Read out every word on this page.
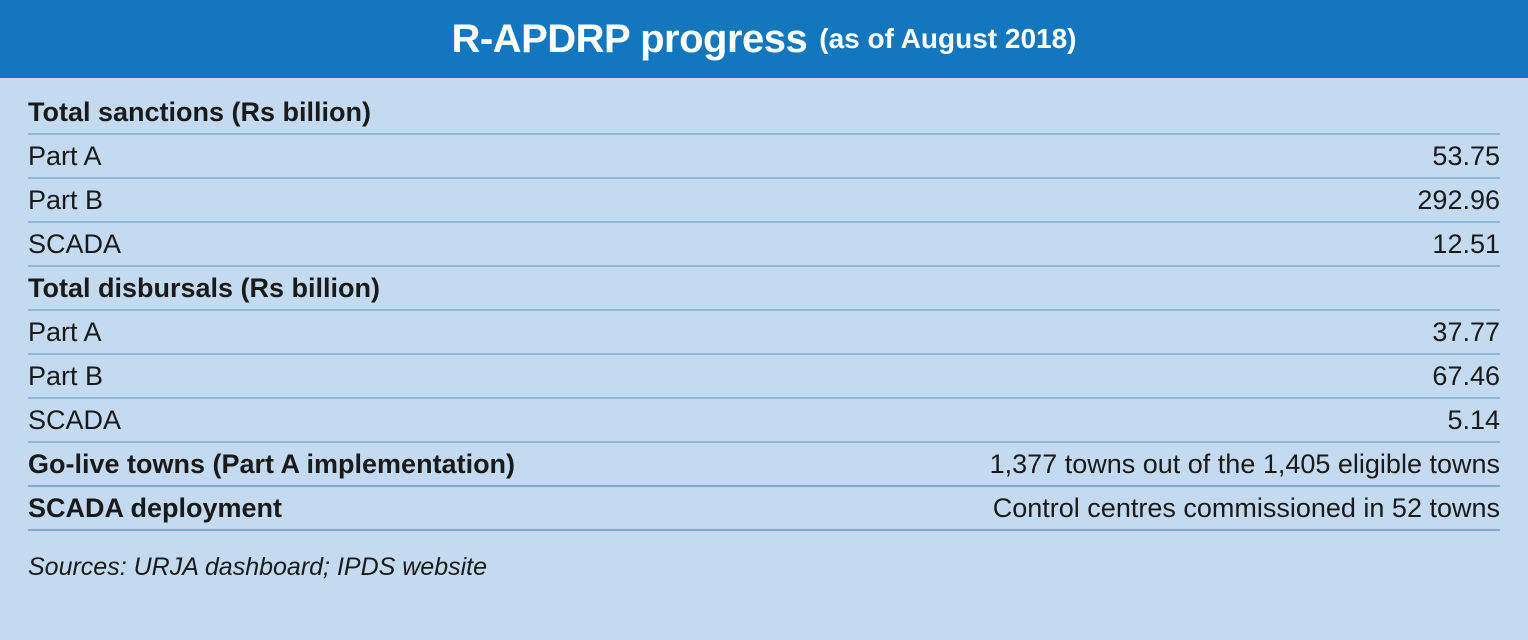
R-APDRP progress (as of August 2018)
Total sanctions (Rs billion)
Part A	53.75
Part B	292.96
SCADA	12.51
Total disbursals (Rs billion)
Part A	37.77
Part B	67.46
SCADA	5.14
Go-live towns (Part A implementation)	1,377 towns out of the 1,405 eligible towns
SCADA deployment	Control centres commissioned in 52 towns
Sources: URJA dashboard; IPDS website
